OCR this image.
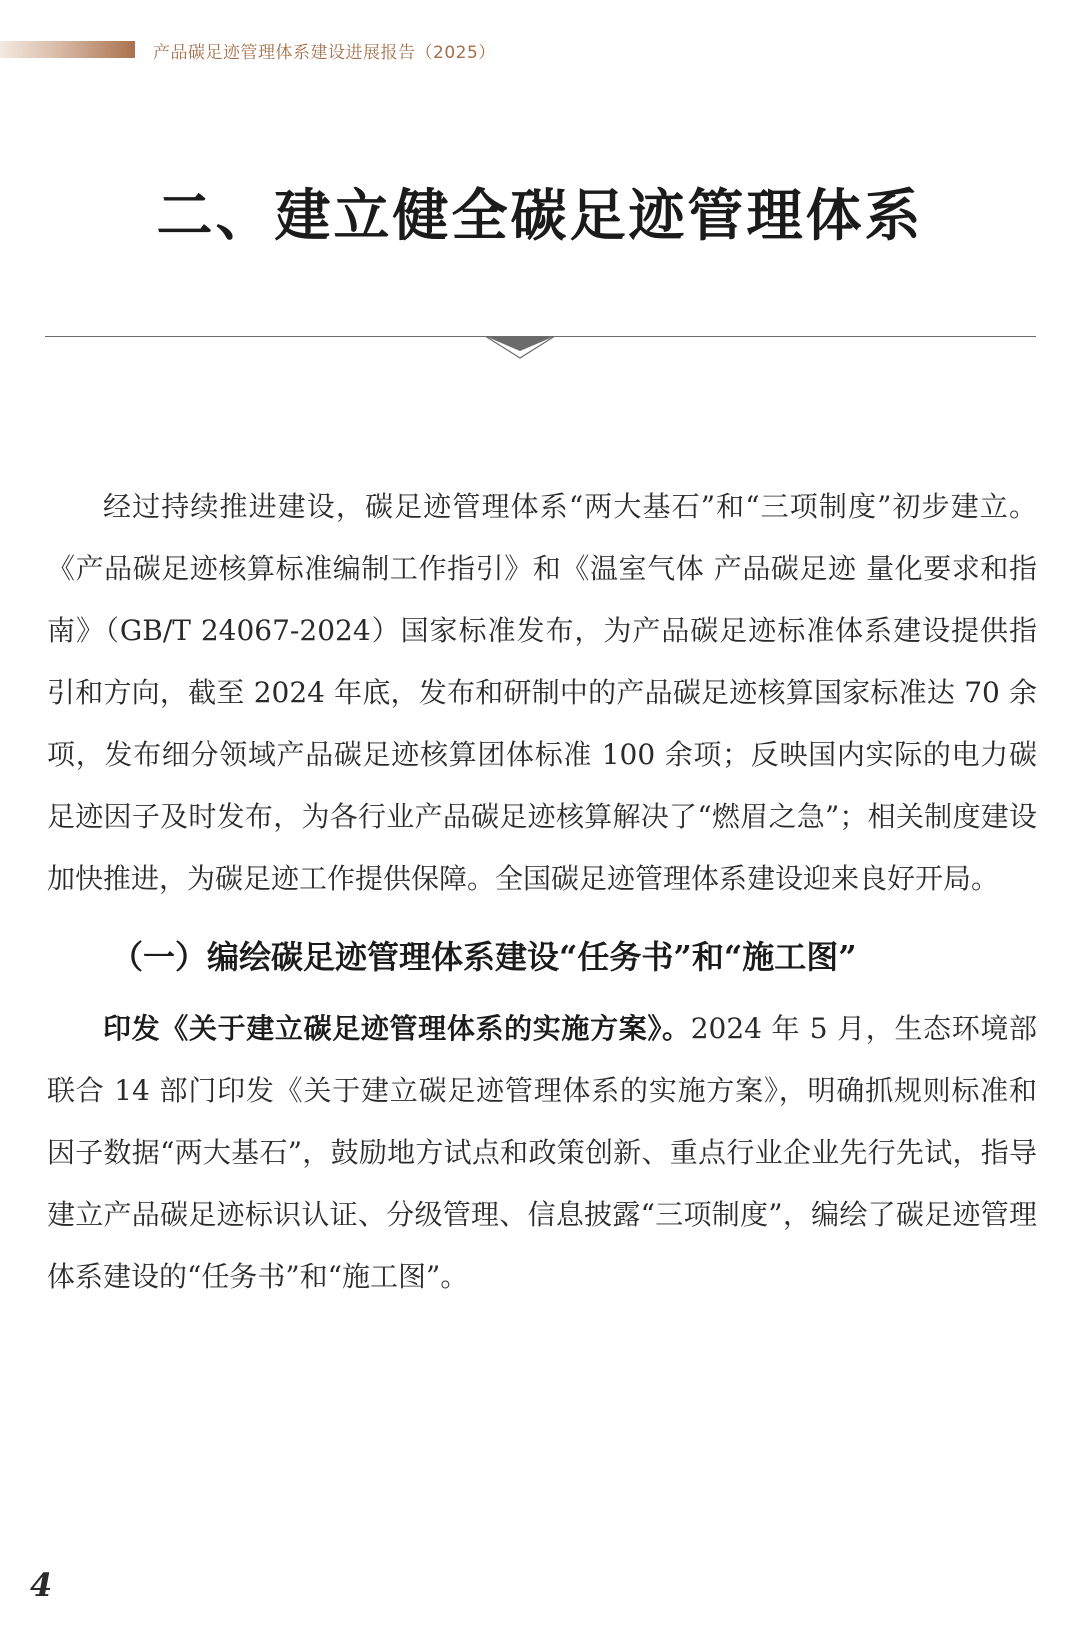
产品碳足迹管理体系建设进展报告（2025）
二、建立健全碳足迹管理体系

经过持续推进建设，碳足迹管理体系“两大基石”和“三项制度”初步建立。《产品碳足迹核算标准编制工作指引》和《温室气体 产品碳足迹 量化要求和指南》（GB/T 24067-2024）国家标准发布，为产品碳足迹标准体系建设提供指引和方向，截至 2024 年底，发布和研制中的产品碳足迹核算国家标准达 70 余项，发布细分领域产品碳足迹核算团体标准 100 余项；反映国内实际的电力碳足迹因子及时发布，为各行业产品碳足迹核算解决了“燃眉之急”；相关制度建设加快推进，为碳足迹工作提供保障。全国碳足迹管理体系建设迎来良好开局。

（一）编绘碳足迹管理体系建设“任务书”和“施工图”

印发《关于建立碳足迹管理体系的实施方案》。2024 年 5 月，生态环境部联合 14 部门印发《关于建立碳足迹管理体系的实施方案》，明确抓规则标准和因子数据“两大基石”，鼓励地方试点和政策创新、重点行业企业先行先试，指导建立产品碳足迹标识认证、分级管理、信息披露“三项制度”，编绘了碳足迹管理体系建设的“任务书”和“施工图”。

4
